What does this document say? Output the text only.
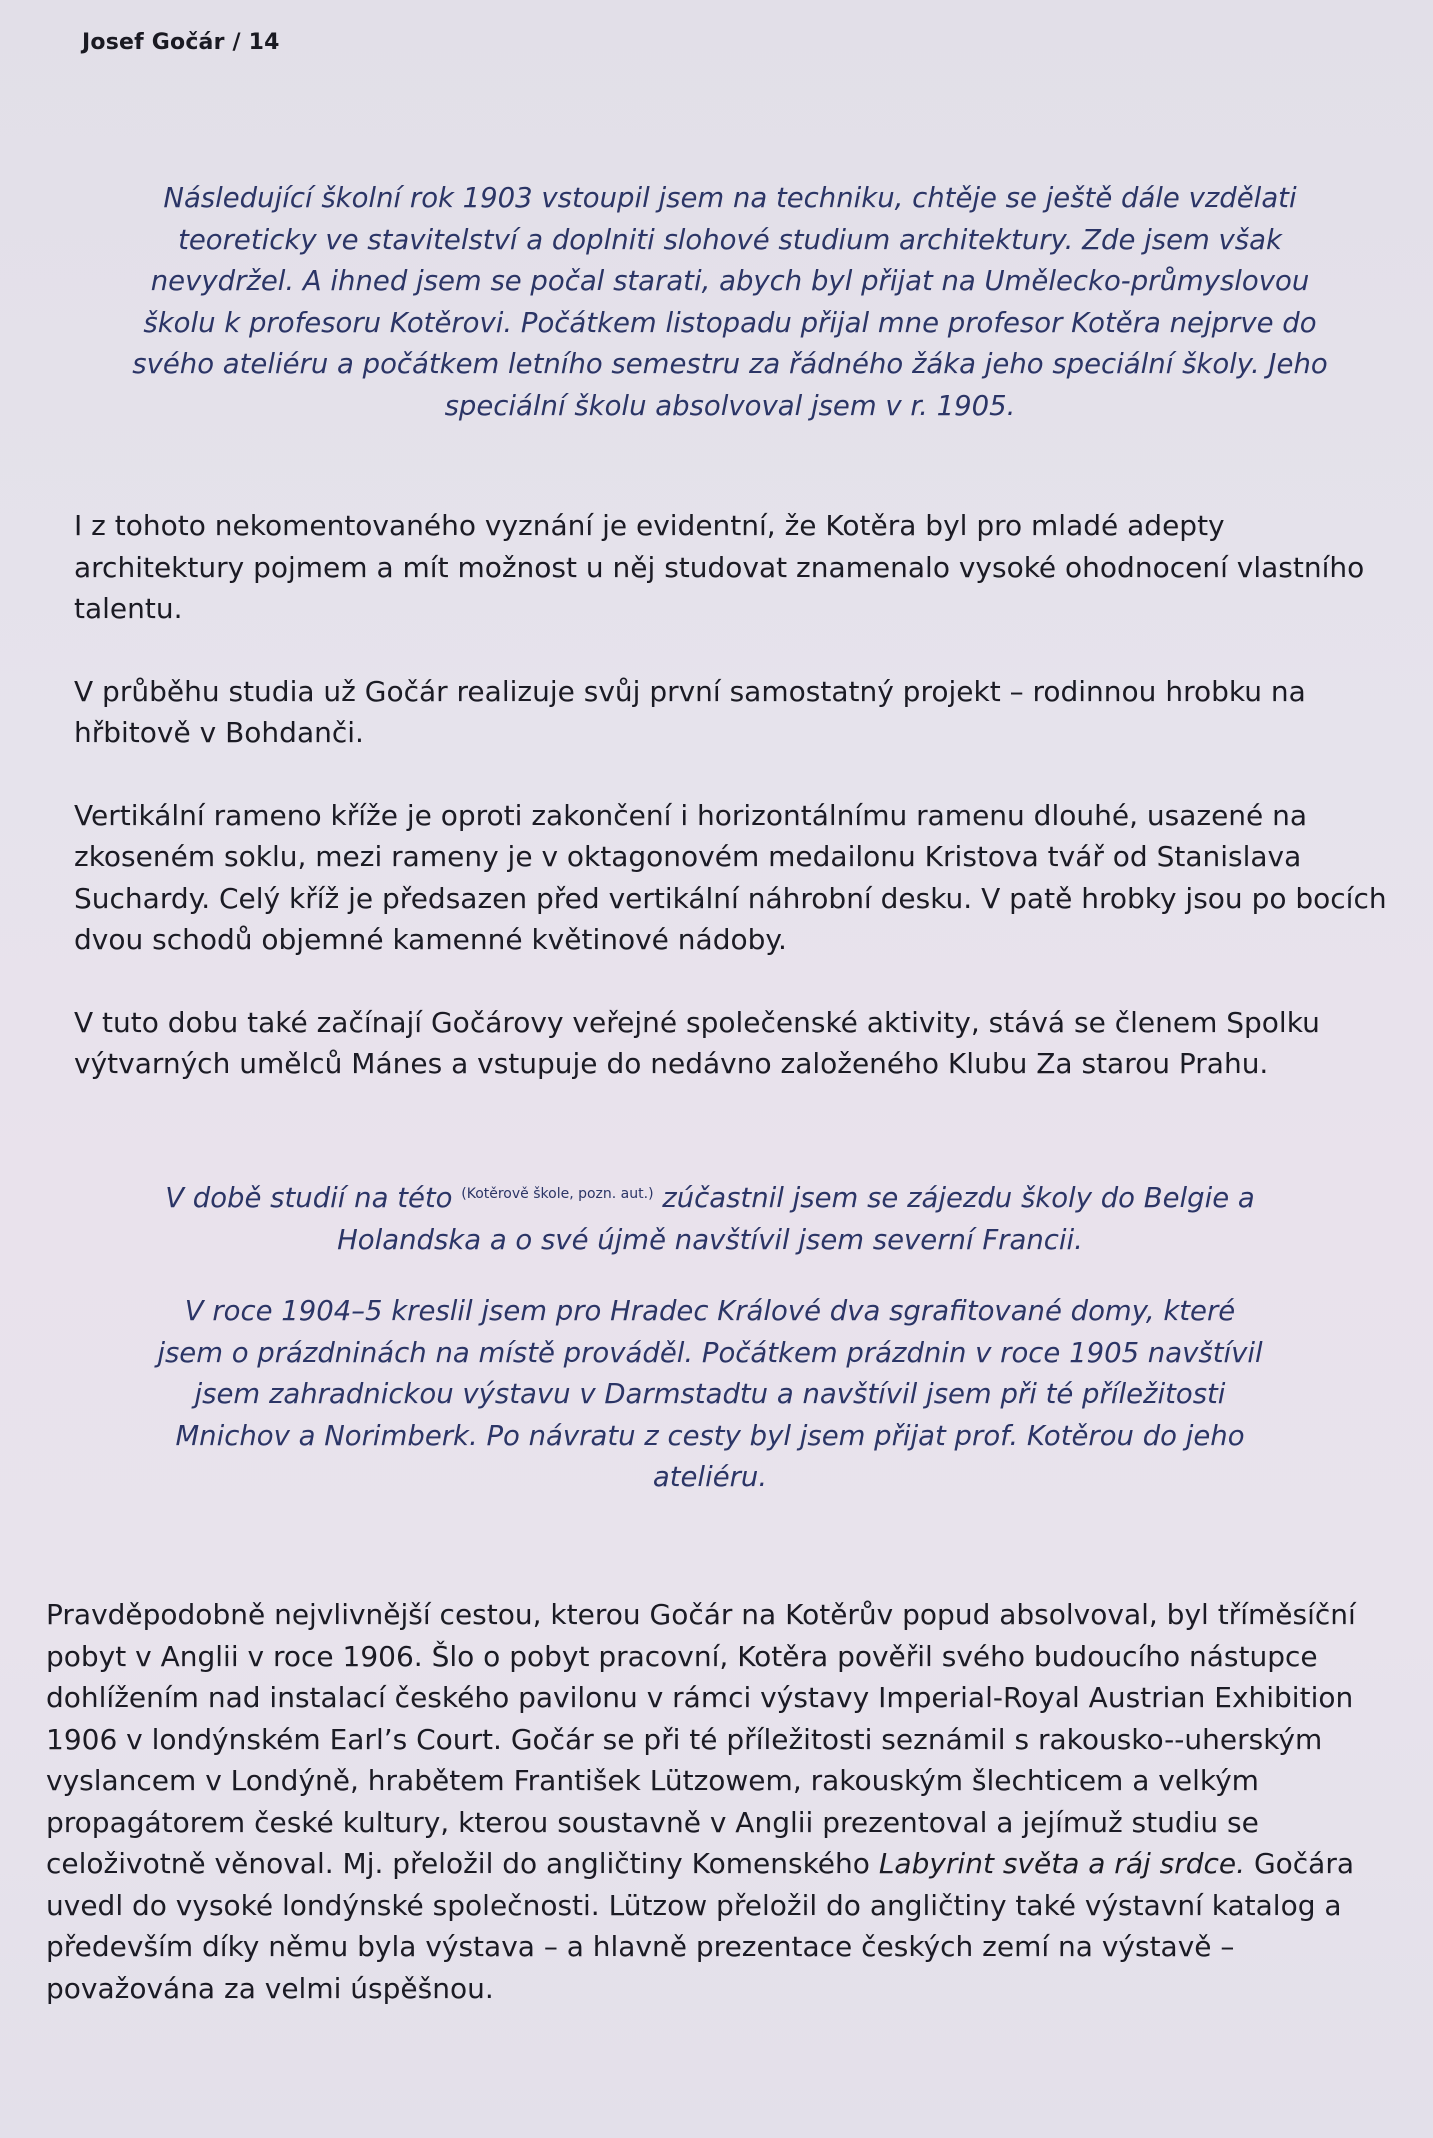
Josef Gočár / 14

Následující školní rok 1903 vstoupil jsem na techniku, chtěje se ještě dále vzdělati teoreticky ve stavitelství a doplniti slohové studium architektury. Zde jsem však nevydržel. A ihned jsem se počal starati, abych byl přijat na Umělecko-průmyslovou školu k profesoru Kotěrovi. Počátkem listopadu přijal mne profesor Kotěra nejprve do svého ateliéru a počátkem letního semestru za řádného žáka jeho speciální školy. Jeho speciální školu absolvoval jsem v r. 1905.

I z tohoto nekomentovaného vyznání je evidentní, že Kotěra byl pro mladé adepty architektury pojmem a mít možnost u něj studovat znamenalo vysoké ohodnocení vlastního talentu.

V průběhu studia už Gočár realizuje svůj první samostatný projekt – rodinnou hrobku na hřbitově v Bohdanči.

Vertikální rameno kříže je oproti zakončení i horizontálnímu ramenu dlouhé, usazené na zkoseném soklu, mezi rameny je v oktagonovém medailonu Kristova tvář od Stanislava Suchardy. Celý kříž je předsazen před vertikální náhrobní desku. V patě hrobky jsou po bocích dvou schodů objemné kamenné květinové nádoby.

V tuto dobu také začínají Gočárovy veřejné společenské aktivity, stává se členem Spolku výtvarných umělců Mánes a vstupuje do nedávno založeného Klubu Za starou Prahu.

V době studií na této $^{(Kotěrově škole, pozn. aut.)}$ zúčastnil jsem se zájezdu školy do Belgie a Holandska a o své újmě navštívil jsem severní Francii.

V roce 1904–5 kreslil jsem pro Hradec Králové dva sgrafitované domy, které jsem o prázdninách na místě prováděl. Počátkem prázdnin v roce 1905 navštívil jsem zahradnickou výstavu v Darmstadtu a navštívil jsem při té příležitosti Mnichov a Norimberk. Po návratu z cesty byl jsem přijat prof. Kotěrou do jeho ateliéru.

Pravděpodobně nejvlivnější cestou, kterou Gočár na Kotěrův popud absolvoval, byl tříměsíční pobyt v Anglii v roce 1906. Šlo o pobyt pracovní, Kotěra pověřil svého budoucího nástupce dohlížením nad instalací českého pavilonu v rámci výstavy Imperial-Royal Austrian Exhibition 1906 v londýnském Earl’s Court. Gočár se při té příležitosti seznámil s rakousko--uherským vyslancem v Londýně, hrabětem František Lützowem, rakouským šlechticem a velkým propagátorem české kultury, kterou soustavně v Anglii prezentoval a jejímuž studiu se celoživotně věnoval. Mj. přeložil do angličtiny Komenského Labyrint světa a ráj srdce. Gočára uvedl do vysoké londýnské společnosti. Lützow přeložil do angličtiny také výstavní katalog a především díky němu byla výstava – a hlavně prezentace českých zemí na výstavě – považována za velmi úspěšnou.
